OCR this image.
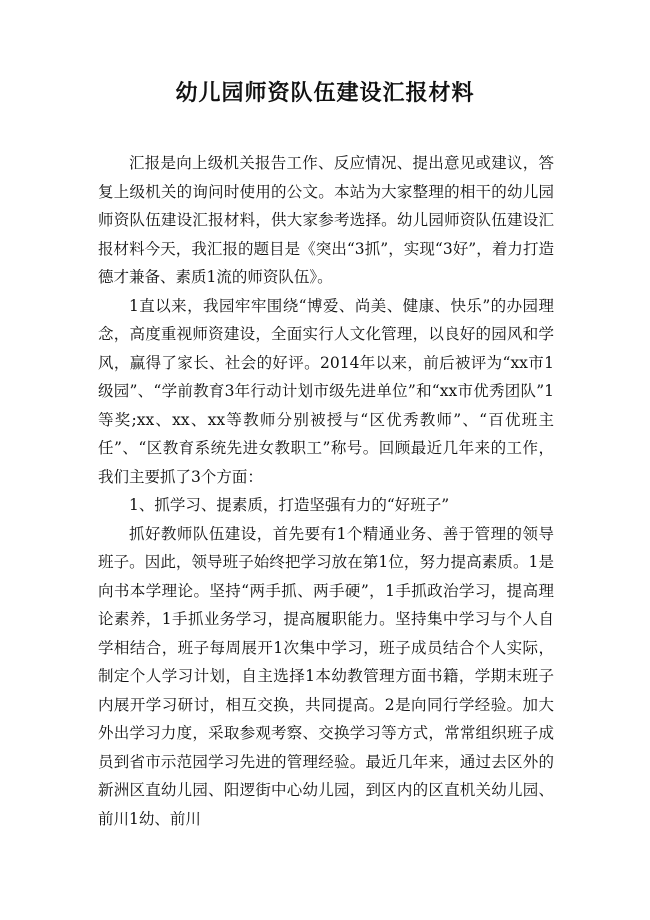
幼儿园师资队伍建设汇报材料

汇报是向上级机关报告工作、反应情况、提出意见或建议，答复上级机关的询问时使用的公文。本站为大家整理的相干的幼儿园师资队伍建设汇报材料，供大家参考选择。幼儿园师资队伍建设汇报材料今天，我汇报的题目是《突出“3抓”，实现“3好”，着力打造德才兼备、素质1流的师资队伍》。

1直以来，我园牢牢围绕“博爱、尚美、健康、快乐”的办园理念，高度重视师资建设，全面实行人文化管理，以良好的园风和学风，赢得了家长、社会的好评。2014年以来，前后被评为“xx市1级园”、“学前教育3年行动计划市级先进单位”和“xx市优秀团队”1等奖;xx、xx、xx等教师分别被授与“区优秀教师”、“百优班主任”、“区教育系统先进女教职工”称号。回顾最近几年来的工作，我们主要抓了3个方面：

1、抓学习、提素质，打造坚强有力的“好班子”

抓好教师队伍建设，首先要有1个精通业务、善于管理的领导班子。因此，领导班子始终把学习放在第1位，努力提高素质。1是向书本学理论。坚持“两手抓、两手硬”，1手抓政治学习，提高理论素养，1手抓业务学习，提高履职能力。坚持集中学习与个人自学相结合，班子每周展开1次集中学习，班子成员结合个人实际，制定个人学习计划，自主选择1本幼教管理方面书籍，学期末班子内展开学习研讨，相互交换，共同提高。2是向同行学经验。加大外出学习力度，采取参观考察、交换学习等方式，常常组织班子成员到省市示范园学习先进的管理经验。最近几年来，通过去区外的新洲区直幼儿园、阳逻街中心幼儿园，到区内的区直机关幼儿园、前川1幼、前川
